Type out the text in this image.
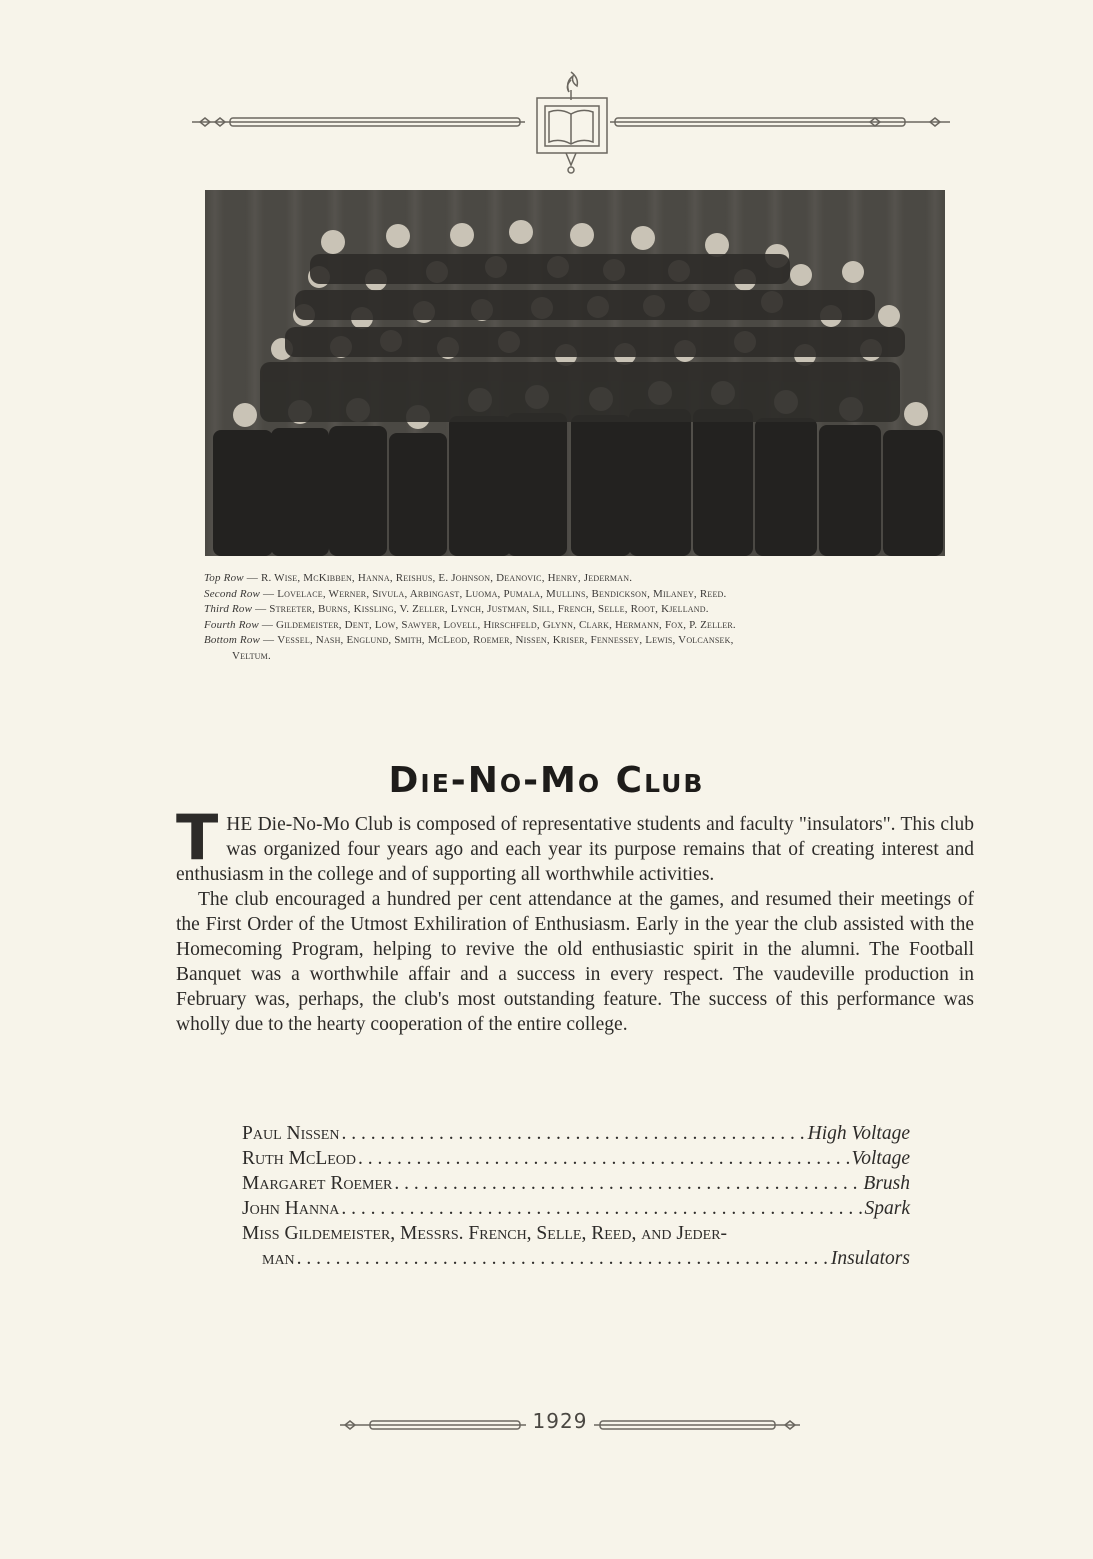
Top Row — R. Wise, McKibben, Hanna, Reishus, E. Johnson, Deanovic, Henry, Jederman.
Second Row — Lovelace, Werner, Sivula, Arbingast, Luoma, Pumala, Mullins, Bendickson, Milaney, Reed.
Third Row — Streeter, Burns, Kissling, V. Zeller, Lynch, Justman, Sill, French, Selle, Root, Kjelland.
Fourth Row — Gildemeister, Dent, Low, Sawyer, Lovell, Hirschfeld, Glynn, Clark, Hermann, Fox, P. Zeller.
Bottom Row — Vessel, Nash, Englund, Smith, McLeod, Roemer, Nissen, Kriser, Fennessey, Lewis, Volcansek,
Veltum.
Die-No-Mo Club

THE Die-No-Mo Club is composed of representative students and faculty "insulators". This club was organized four years ago and each year its purpose remains that of creating interest and enthusiasm in the college and of supporting all worthwhile activities.

The club encouraged a hundred per cent attendance at the games, and resumed their meetings of the First Order of the Utmost Exhiliration of Enthusiasm. Early in the year the club assisted with the Homecoming Program, helping to revive the old enthusiastic spirit in the alumni. The Football Banquet was a worthwhile affair and a success in every respect. The vaudeville production in February was, perhaps, the club's most outstanding feature. The success of this performance was wholly due to the hearty cooperation of the entire college.

Paul Nissen . . .	High Voltage
Ruth McLeod . . .	Voltage
Margaret Roemer . . .	Brush
John Hanna . . .	Spark
Miss Gildemeister, Messrs. French, Selle, Reed, and Jeder-
man . . .	Insulators
1929
